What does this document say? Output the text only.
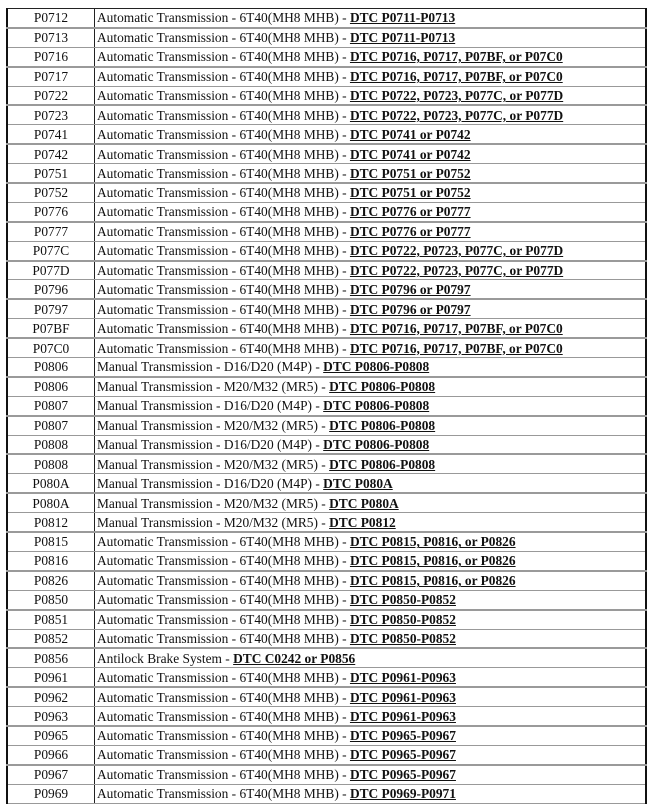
P0712	Automatic Transmission - 6T40(MH8 MHB) - DTC P0711-P0713
P0713	Automatic Transmission - 6T40(MH8 MHB) - DTC P0711-P0713
P0716	Automatic Transmission - 6T40(MH8 MHB) - DTC P0716, P0717, P07BF, or P07C0
P0717	Automatic Transmission - 6T40(MH8 MHB) - DTC P0716, P0717, P07BF, or P07C0
P0722	Automatic Transmission - 6T40(MH8 MHB) - DTC P0722, P0723, P077C, or P077D
P0723	Automatic Transmission - 6T40(MH8 MHB) - DTC P0722, P0723, P077C, or P077D
P0741	Automatic Transmission - 6T40(MH8 MHB) - DTC P0741 or P0742
P0742	Automatic Transmission - 6T40(MH8 MHB) - DTC P0741 or P0742
P0751	Automatic Transmission - 6T40(MH8 MHB) - DTC P0751 or P0752
P0752	Automatic Transmission - 6T40(MH8 MHB) - DTC P0751 or P0752
P0776	Automatic Transmission - 6T40(MH8 MHB) - DTC P0776 or P0777
P0777	Automatic Transmission - 6T40(MH8 MHB) - DTC P0776 or P0777
P077C	Automatic Transmission - 6T40(MH8 MHB) - DTC P0722, P0723, P077C, or P077D
P077D	Automatic Transmission - 6T40(MH8 MHB) - DTC P0722, P0723, P077C, or P077D
P0796	Automatic Transmission - 6T40(MH8 MHB) - DTC P0796 or P0797
P0797	Automatic Transmission - 6T40(MH8 MHB) - DTC P0796 or P0797
P07BF	Automatic Transmission - 6T40(MH8 MHB) - DTC P0716, P0717, P07BF, or P07C0
P07C0	Automatic Transmission - 6T40(MH8 MHB) - DTC P0716, P0717, P07BF, or P07C0
P0806	Manual Transmission - D16/D20 (M4P) - DTC P0806-P0808
P0806	Manual Transmission - M20/M32 (MR5) - DTC P0806-P0808
P0807	Manual Transmission - D16/D20 (M4P) - DTC P0806-P0808
P0807	Manual Transmission - M20/M32 (MR5) - DTC P0806-P0808
P0808	Manual Transmission - D16/D20 (M4P) - DTC P0806-P0808
P0808	Manual Transmission - M20/M32 (MR5) - DTC P0806-P0808
P080A	Manual Transmission - D16/D20 (M4P) - DTC P080A
P080A	Manual Transmission - M20/M32 (MR5) - DTC P080A
P0812	Manual Transmission - M20/M32 (MR5) - DTC P0812
P0815	Automatic Transmission - 6T40(MH8 MHB) - DTC P0815, P0816, or P0826
P0816	Automatic Transmission - 6T40(MH8 MHB) - DTC P0815, P0816, or P0826
P0826	Automatic Transmission - 6T40(MH8 MHB) - DTC P0815, P0816, or P0826
P0850	Automatic Transmission - 6T40(MH8 MHB) - DTC P0850-P0852
P0851	Automatic Transmission - 6T40(MH8 MHB) - DTC P0850-P0852
P0852	Automatic Transmission - 6T40(MH8 MHB) - DTC P0850-P0852
P0856	Antilock Brake System - DTC C0242 or P0856
P0961	Automatic Transmission - 6T40(MH8 MHB) - DTC P0961-P0963
P0962	Automatic Transmission - 6T40(MH8 MHB) - DTC P0961-P0963
P0963	Automatic Transmission - 6T40(MH8 MHB) - DTC P0961-P0963
P0965	Automatic Transmission - 6T40(MH8 MHB) - DTC P0965-P0967
P0966	Automatic Transmission - 6T40(MH8 MHB) - DTC P0965-P0967
P0967	Automatic Transmission - 6T40(MH8 MHB) - DTC P0965-P0967
P0969	Automatic Transmission - 6T40(MH8 MHB) - DTC P0969-P0971
